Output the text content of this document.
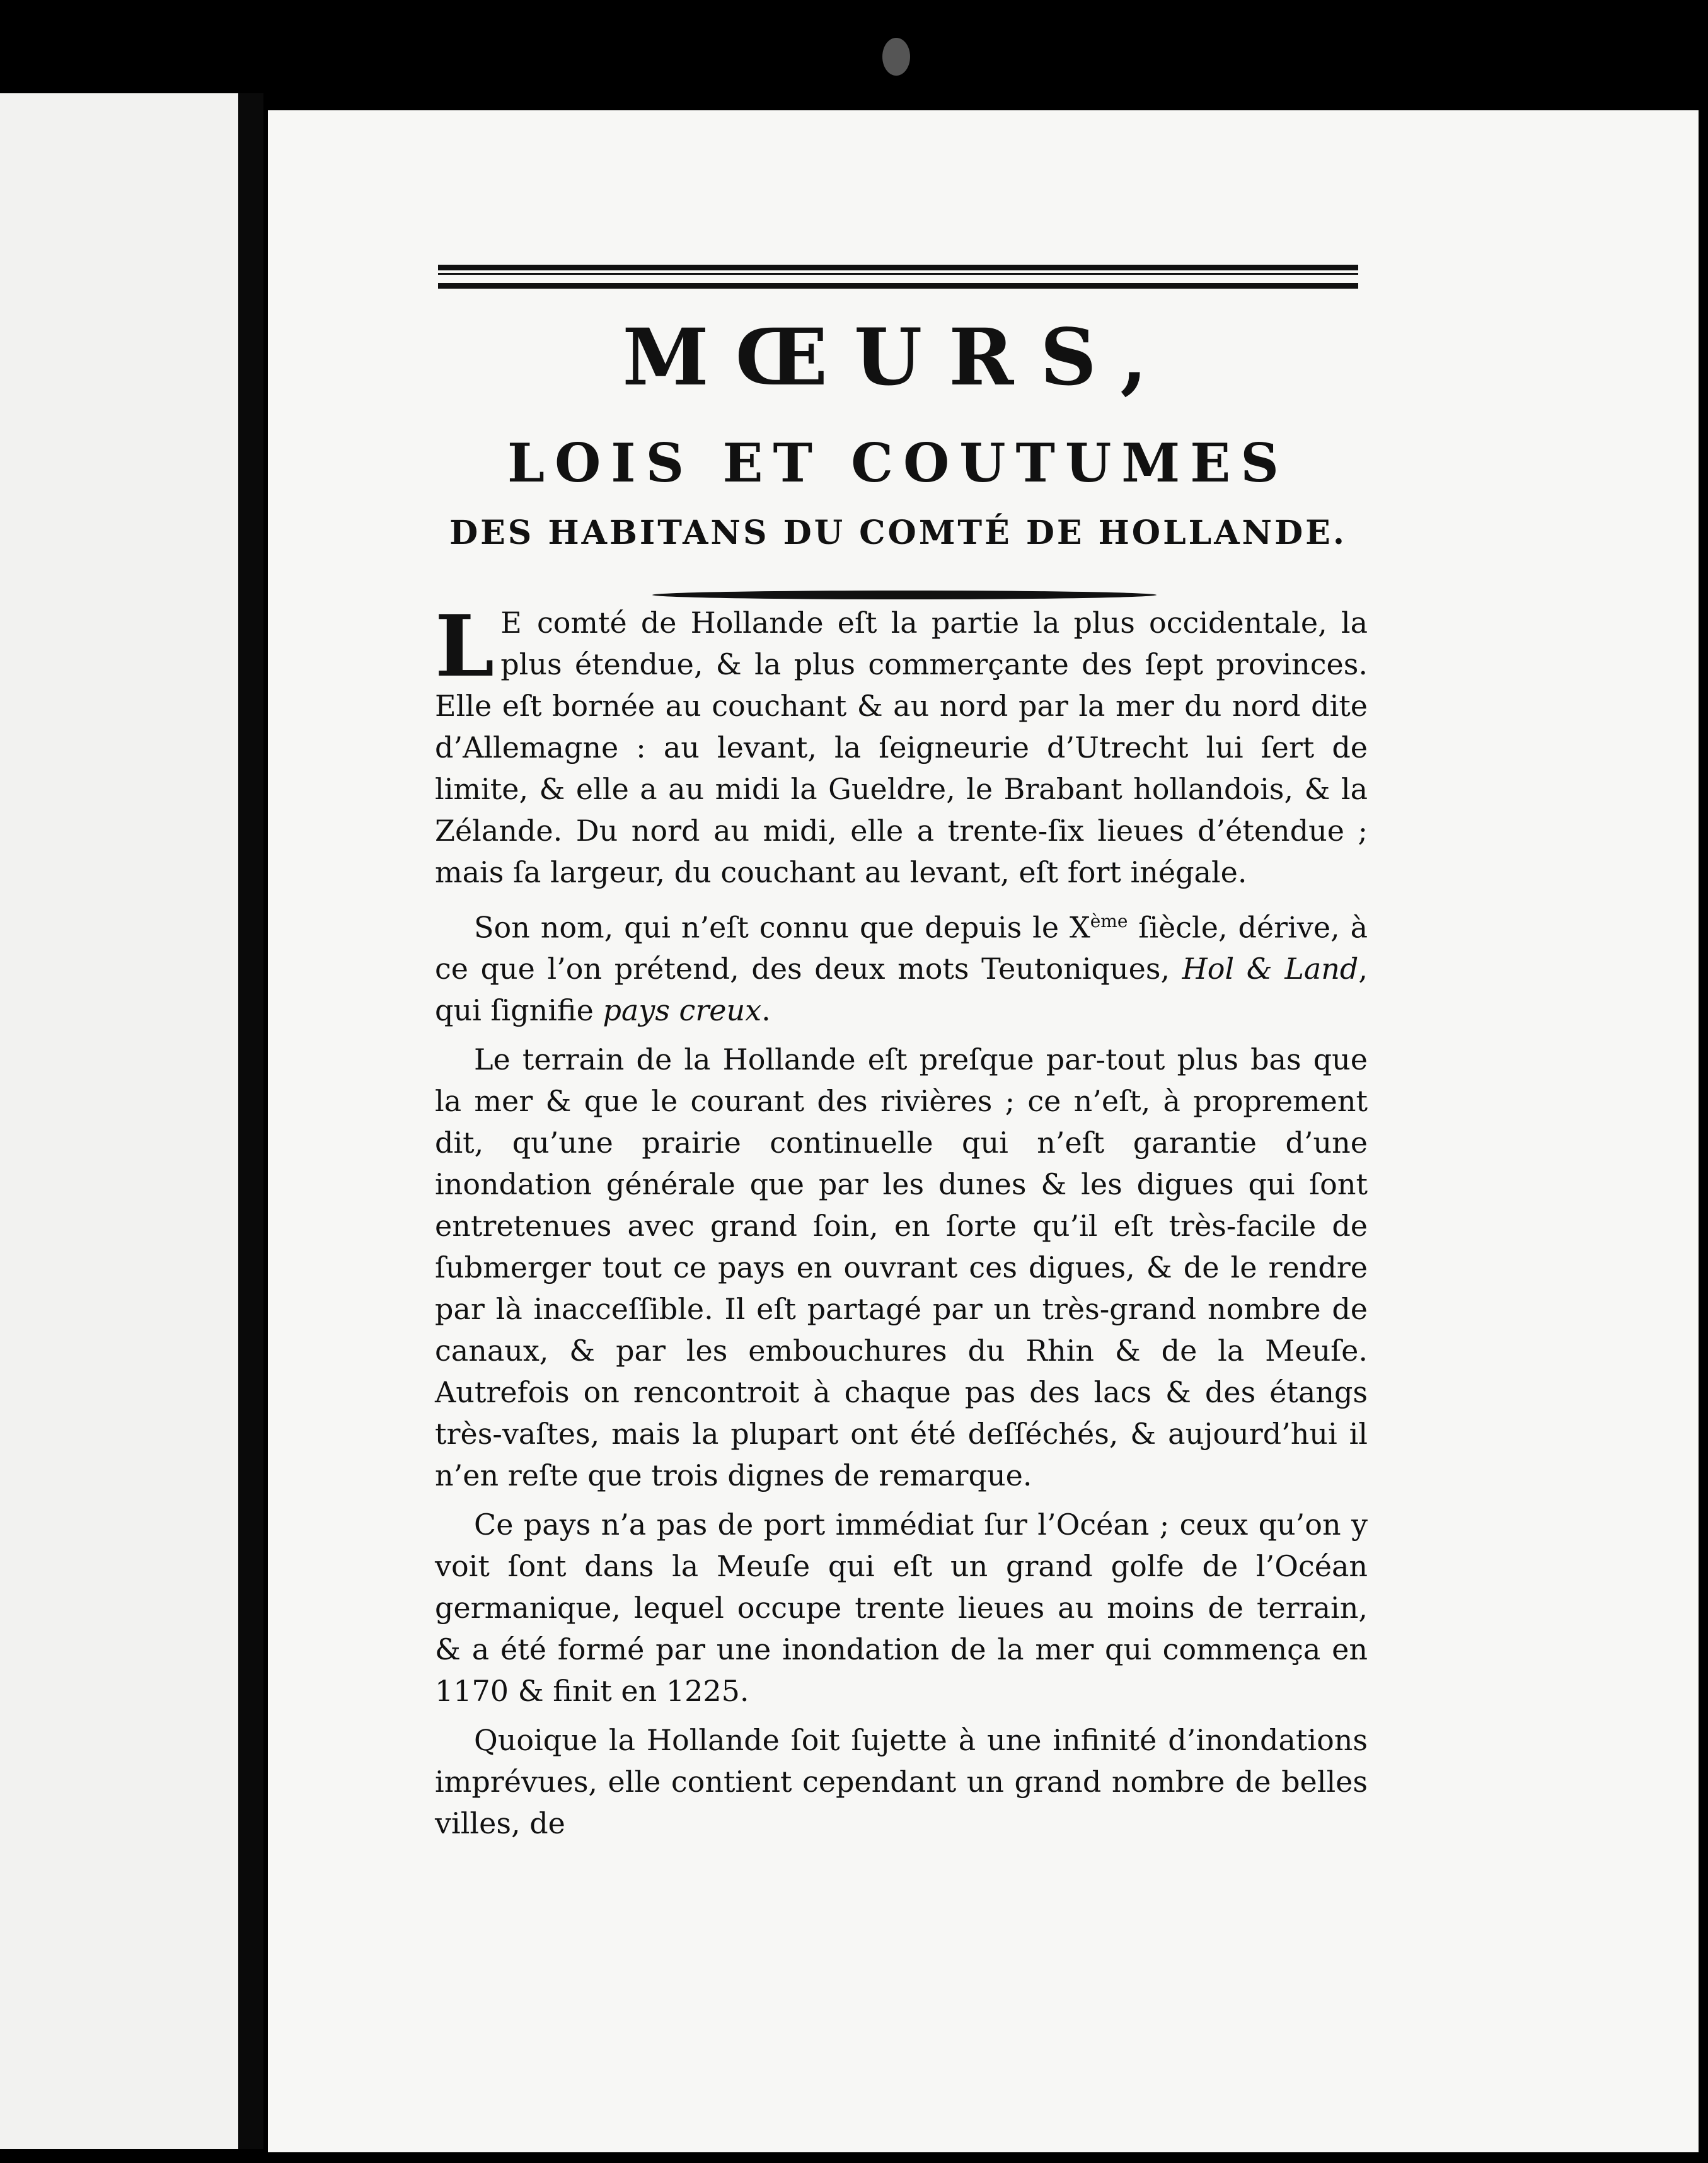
MŒURS,
LOIS ET COUTUMES
DES HABITANS DU COMTÉ DE HOLLANDE.

L E comté de Hollande eſt la partie la plus occidentale, la plus étendue, & la plus commerçante des ſept provinces. Elle eſt bornée au couchant & au nord par la mer du nord dite d’Allemagne : au levant, la ſeigneurie d’Utrecht lui ſert de limite, & elle a au midi la Gueldre, le Brabant hollandois, & la Zélande. Du nord au midi, elle a trente-ſix lieues d’étendue ; mais ſa largeur, du couchant au levant, eſt fort inégale.

Son nom, qui n’eſt connu que depuis le Xème ſiècle, dérive, à ce que l’on prétend, des deux mots Teutoniques, Hol & Land, qui ſignifie pays creux.

Le terrain de la Hollande eſt preſque par-tout plus bas que la mer & que le courant des rivières ; ce n’eſt, à proprement dit, qu’une prairie continuelle qui n’eſt garantie d’une inondation générale que par les dunes & les digues qui ſont entretenues avec grand ſoin, en ſorte qu’il eſt très-facile de ſubmerger tout ce pays en ouvrant ces digues, & de le rendre par là inacceſſible. Il eſt partagé par un très-grand nombre de canaux, & par les embouchures du Rhin & de la Meuſe. Autrefois on rencontroit à chaque pas des lacs & des étangs très-vaſtes, mais la plupart ont été deſſéchés, & aujourd’hui il n’en reſte que trois dignes de remarque.

Ce pays n’a pas de port immédiat ſur l’Océan ; ceux qu’on y voit ſont dans la Meuſe qui eſt un grand golfe de l’Océan germanique, lequel occupe trente lieues au moins de terrain, & a été formé par une inondation de la mer qui commença en 1170 & finit en 1225.

Quoique la Hollande ſoit ſujette à une infinité d’inondations imprévues, elle contient cependant un grand nombre de belles villes, de
